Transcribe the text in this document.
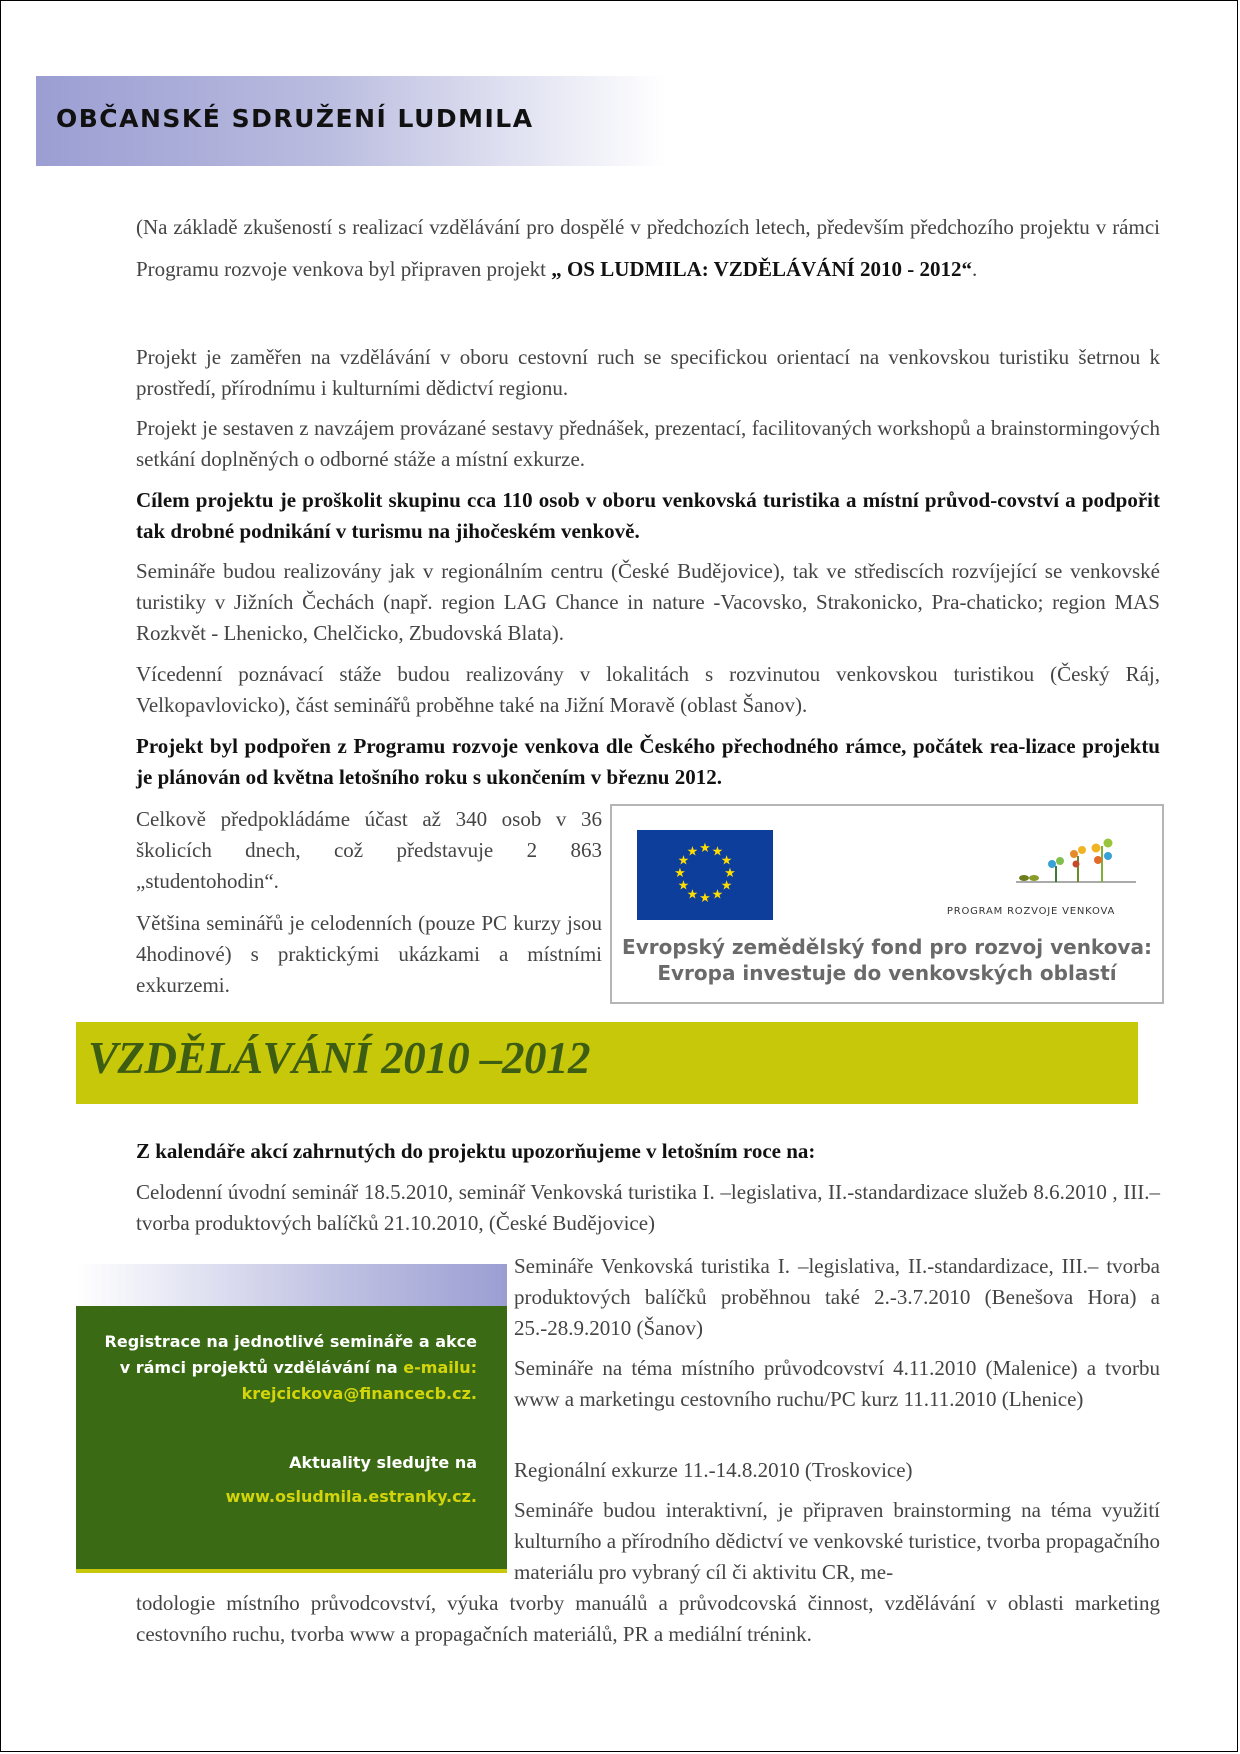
OBČANSKÉ SDRUŽENÍ LUDMILA

(Na základě zkušeností s realizací vzdělávání pro dospělé v předchozích letech, především předchozího projektu v rámci Programu rozvoje venkova byl připraven projekt „ OS LUDMILA: VZDĚLÁVÁNÍ 2010 - 2012“.

Projekt je zaměřen na vzdělávání v oboru cestovní ruch se specifickou orientací na venkovskou turistiku šetrnou k prostředí, přírodnímu i kulturními dědictví regionu.

Projekt je sestaven z navzájem provázané sestavy přednášek, prezentací, facilitovaných workshopů a brainstormingových setkání doplněných o odborné stáže a místní exkurze.

Cílem projektu je proškolit skupinu cca 110 osob v oboru venkovská turistika a místní průvod-covství a podpořit tak drobné podnikání v turismu na jihočeském venkově.

Semináře budou realizovány jak v regionálním centru (České Budějovice), tak ve střediscích rozvíjející se venkovské turistiky v Jižních Čechách (např. region LAG Chance in nature -Vacovsko, Strakonicko, Pra-chaticko; region MAS Rozkvět - Lhenicko, Chelčicko, Zbudovská Blata).

Vícedenní poznávací stáže budou realizovány v lokalitách s rozvinutou venkovskou turistikou (Český Ráj, Velkopavlovicko), část seminářů proběhne také na Jižní Moravě (oblast Šanov).

Projekt byl podpořen z Programu rozvoje venkova dle Českého přechodného rámce, počátek rea-lizace projektu je plánován od května letošního roku s ukončením v březnu 2012.

Celkově předpokládáme účast až 340 osob v 36 školicích dnech, což představuje 2 863 „studentohodin“.

Většina seminářů je celodenních (pouze PC kurzy jsou 4hodinové) s praktickými ukázkami a místními exkurzemi.

★ ★
★
★
★
★
★
★
★
★
★
★
PROGRAM ROZVOJE VENKOVA
Evropský zemědělský fond pro rozvoj venkova:
Evropa investuje do venkovských oblastí
VZDĚLÁVÁNÍ 2010 –2012

Z kalendáře akcí zahrnutých do projektu upozorňujeme v letošním roce na:

Celodenní úvodní seminář 18.5.2010, seminář Venkovská turistika I. –legislativa, II.-standardizace služeb 8.6.2010 , III.– tvorba produktových balíčků 21.10.2010, (České Budějovice)

Registrace na jednotlivé semináře a akce v rámci projektů vzdělávání na e-mailu: krejcickova@financecb.cz.

Aktuality sledujte na

www.osludmila.estranky.cz.

Semináře Venkovská turistika I. –legislativa, II.-standardizace, III.– tvorba produktových balíčků proběhnou také 2.-3.7.2010 (Benešova Hora) a 25.-28.9.2010 (Šanov)

Semináře na téma místního průvodcovství 4.11.2010 (Malenice) a tvorbu www a marketingu cestovního ruchu/PC kurz 11.11.2010 (Lhenice)

Regionální exkurze 11.-14.8.2010 (Troskovice)

Semináře budou interaktivní, je připraven brainstorming na téma využití kulturního a přírodního dědictví ve venkovské turistice, tvorba propagačního materiálu pro vybraný cíl či aktivitu CR, me-

todologie místního průvodcovství, výuka tvorby manuálů a průvodcovská činnost, vzdělávání v oblasti marketing cestovního ruchu, tvorba www a propagačních materiálů, PR a mediální trénink.
